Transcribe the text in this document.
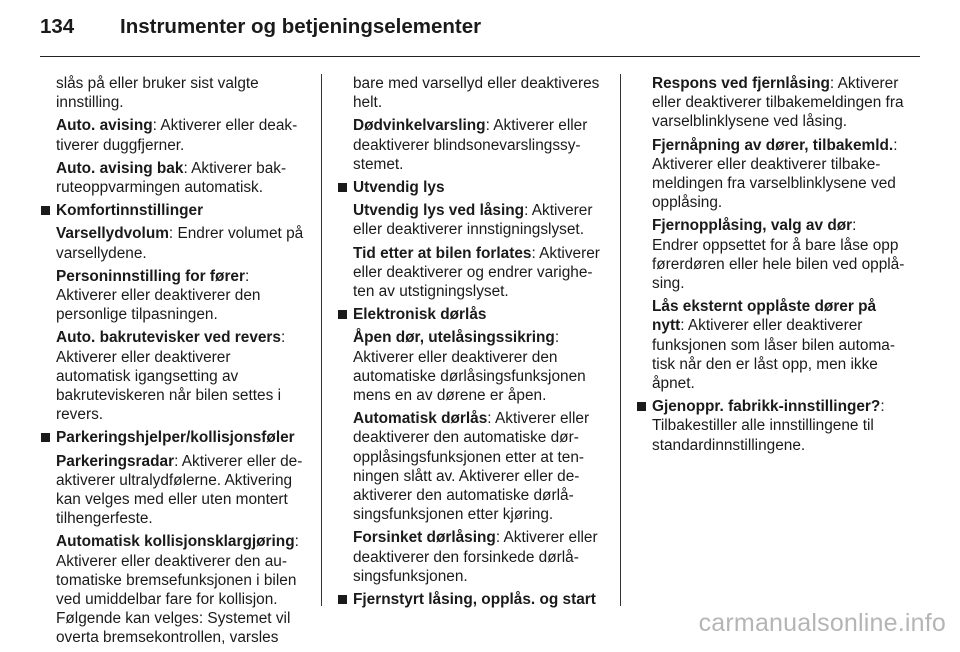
134 Instrumenter og betjeningselementer

slås på eller bruker sist valgte innstilling.

Auto. avising: Aktiverer eller deaktiverer duggfjerner.

Auto. avising bak: Aktiverer bakruteoppvarmingen automatisk.

Komfortinnstillinger

Varsellydvolum: Endrer volumet på varsellydene.

Personinnstilling for fører: Aktiverer eller deaktiverer den personlige tilpasningen.

Auto. bakrutevisker ved revers: Aktiverer eller deaktiverer automatisk igangsetting av bakruteviskeren når bilen settes i revers.

Parkeringshjelper/kollisjonsføler

Parkeringsradar: Aktiverer eller deaktiverer ultralydfølerne. Aktivering kan velges med eller uten montert tilhengerfeste.

Automatisk kollisjonsklargjøring: Aktiverer eller deaktiverer den automatiske bremsefunksjonen i bilen ved umiddelbar fare for kollisjon. Følgende kan velges: Systemet vil overta bremsekontrollen, varsles

bare med varsellyd eller deaktiveres helt.

Dødvinkelvarsling: Aktiverer eller deaktiverer blindsonevarslingssystemet.

Utvendig lys

Utvendig lys ved låsing: Aktiverer eller deaktiverer innstigningslyset.

Tid etter at bilen forlates: Aktiverer eller deaktiverer og endrer varigheten av utstigningslyset.

Elektronisk dørlås

Åpen dør, utelåsingssikring: Aktiverer eller deaktiverer den automatiske dørlåsingsfunksjonen mens en av dørene er åpen.

Automatisk dørlås: Aktiverer eller deaktiverer den automatiske døropplåsingsfunksjonen etter at tenningen slått av. Aktiverer eller deaktiverer den automatiske dørlåsingsfunksjonen etter kjøring.

Forsinket dørlåsing: Aktiverer eller deaktiverer den forsinkede dørlåsingsfunksjonen.

Fjernstyrt låsing, opplås. og start

Respons ved fjernlåsing: Aktiverer eller deaktiverer tilbakemeldingen fra varselblinklysene ved låsing.

Fjernåpning av dører, tilbakemld.: Aktiverer eller deaktiverer tilbakemeldingen fra varselblinklysene ved opplåsing.

Fjernopplåsing, valg av dør: Endrer oppsettet for å bare låse opp førerdøren eller hele bilen ved opplåsing.

Lås eksternt opplåste dører på nytt: Aktiverer eller deaktiverer funksjonen som låser bilen automatisk når den er låst opp, men ikke åpnet.

Gjenoppr. fabrikk-innstillinger?: Tilbakestiller alle innstillingene til standardinnstillingene.
carmanualsonline.info
